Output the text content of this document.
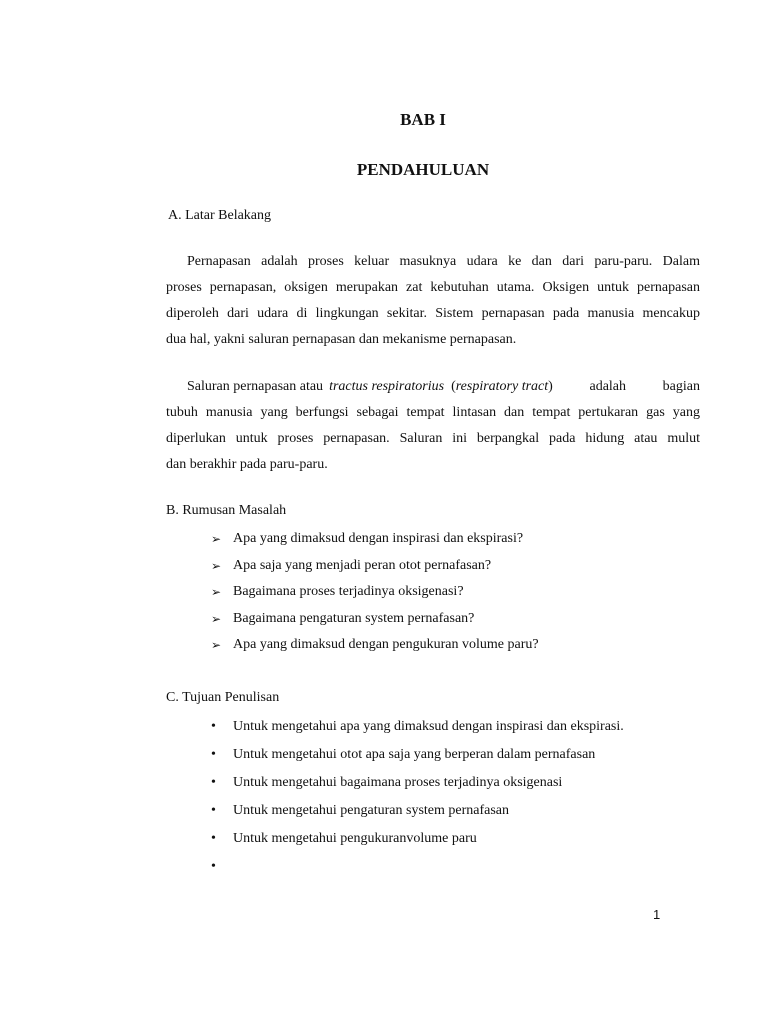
BAB I
PENDAHULUAN
A. Latar Belakang
Pernapasan adalah proses keluar masuknya udara ke dan dari paru-paru. Dalam
proses pernapasan, oksigen merupakan zat kebutuhan utama. Oksigen untuk pernapasan
diperoleh dari udara di lingkungan sekitar. Sistem pernapasan pada manusia mencakup
dua hal, yakni saluran pernapasan dan mekanisme pernapasan.
Saluran pernapasan atau tractus respiratorius (respiratory tract ) adalah bagian
tubuh manusia yang berfungsi sebagai tempat lintasan dan tempat pertukaran gas yang
diperlukan untuk proses pernapasan. Saluran ini berpangkal pada hidung atau mulut
dan berakhir pada paru-paru.
B. Rumusan Masalah
➢ Apa yang dimaksud dengan inspirasi dan ekspirasi?
➢ Apa saja yang menjadi peran otot pernafasan?
➢ Bagaimana proses terjadinya oksigenasi?
➢ Bagaimana pengaturan system pernafasan?
➢ Apa yang dimaksud dengan pengukuran volume paru?
C. Tujuan Penulisan
• Untuk mengetahui apa yang dimaksud dengan inspirasi dan ekspirasi.
• Untuk mengetahui otot apa saja yang berperan dalam pernafasan
• Untuk mengetahui bagaimana proses terjadinya oksigenasi
• Untuk mengetahui pengaturan system pernafasan
• Untuk mengetahui pengukuranvolume paru
•
1
